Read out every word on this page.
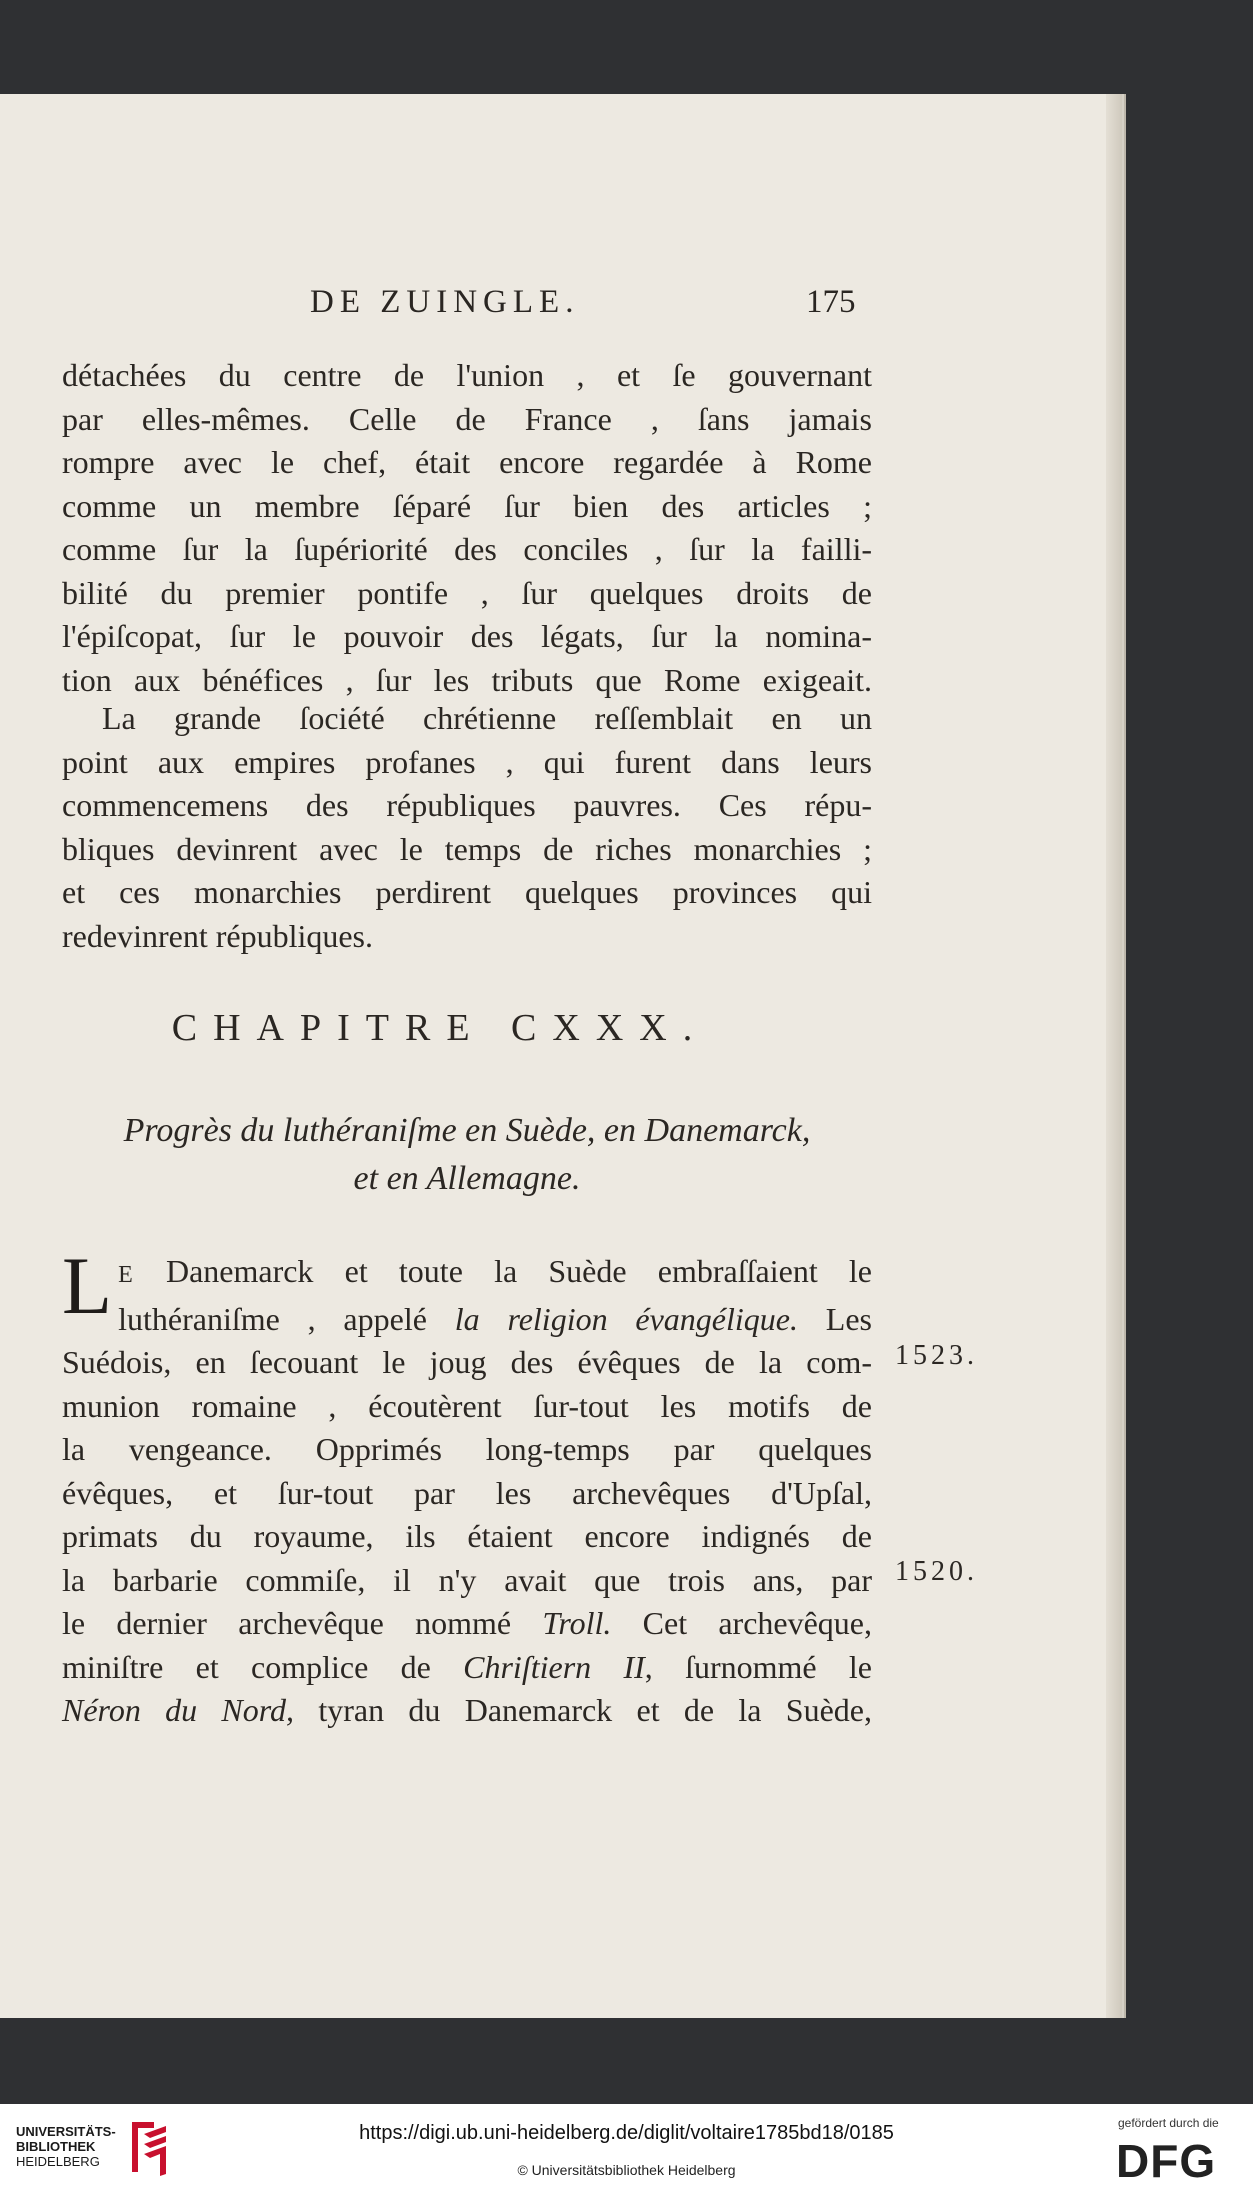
DE ZUINGLE.	175

détachées du centre de l'union , et ſe gouvernant

par elles-mêmes. Celle de France , ſans jamais

rompre avec le chef, était encore regardée à Rome

comme un membre ſéparé ſur bien des articles ;

comme ſur la ſupériorité des conciles , ſur la failli-

bilité du premier pontife , ſur quelques droits de

l'épiſcopat, ſur le pouvoir des légats, ſur la nomina-

tion aux bénéfices , ſur les tributs que Rome exigeait.

La grande ſociété chrétienne reſſemblait en un

point aux empires profanes , qui furent dans leurs

commencemens des républiques pauvres. Ces répu-

bliques devinrent avec le temps de riches monarchies ;

et ces monarchies perdirent quelques provinces qui

redevinrent républiques.

CHAPITRE CXXX.
Progrès du luthéraniſme en Suède, en Danemarck,
et en Allemagne.
L E Danemarck et toute la Suède embraſſaient le

luthéraniſme , appelé la religion évangélique. Les

Suédois, en ſecouant le joug des évêques de la com-

munion romaine , écoutèrent ſur-tout les motifs de

la vengeance. Opprimés long-temps par quelques

évêques, et ſur-tout par les archevêques d'Upſal,

primats du royaume, ils étaient encore indignés de

la barbarie commiſe, il n'y avait que trois ans, par

le dernier archevêque nommé Troll. Cet archevêque,

miniſtre et complice de Chriſtiern II, ſurnommé le

Néron du Nord, tyran du Danemarck et de la Suède,

1523.
1520.
UNIVERSITÄTS-
BIBLIOTHEK
HEIDELBERG
https://digi.ub.uni-heidelberg.de/diglit/voltaire1785bd18/0185
© Universitätsbibliothek Heidelberg
gefördert durch die
DFG
